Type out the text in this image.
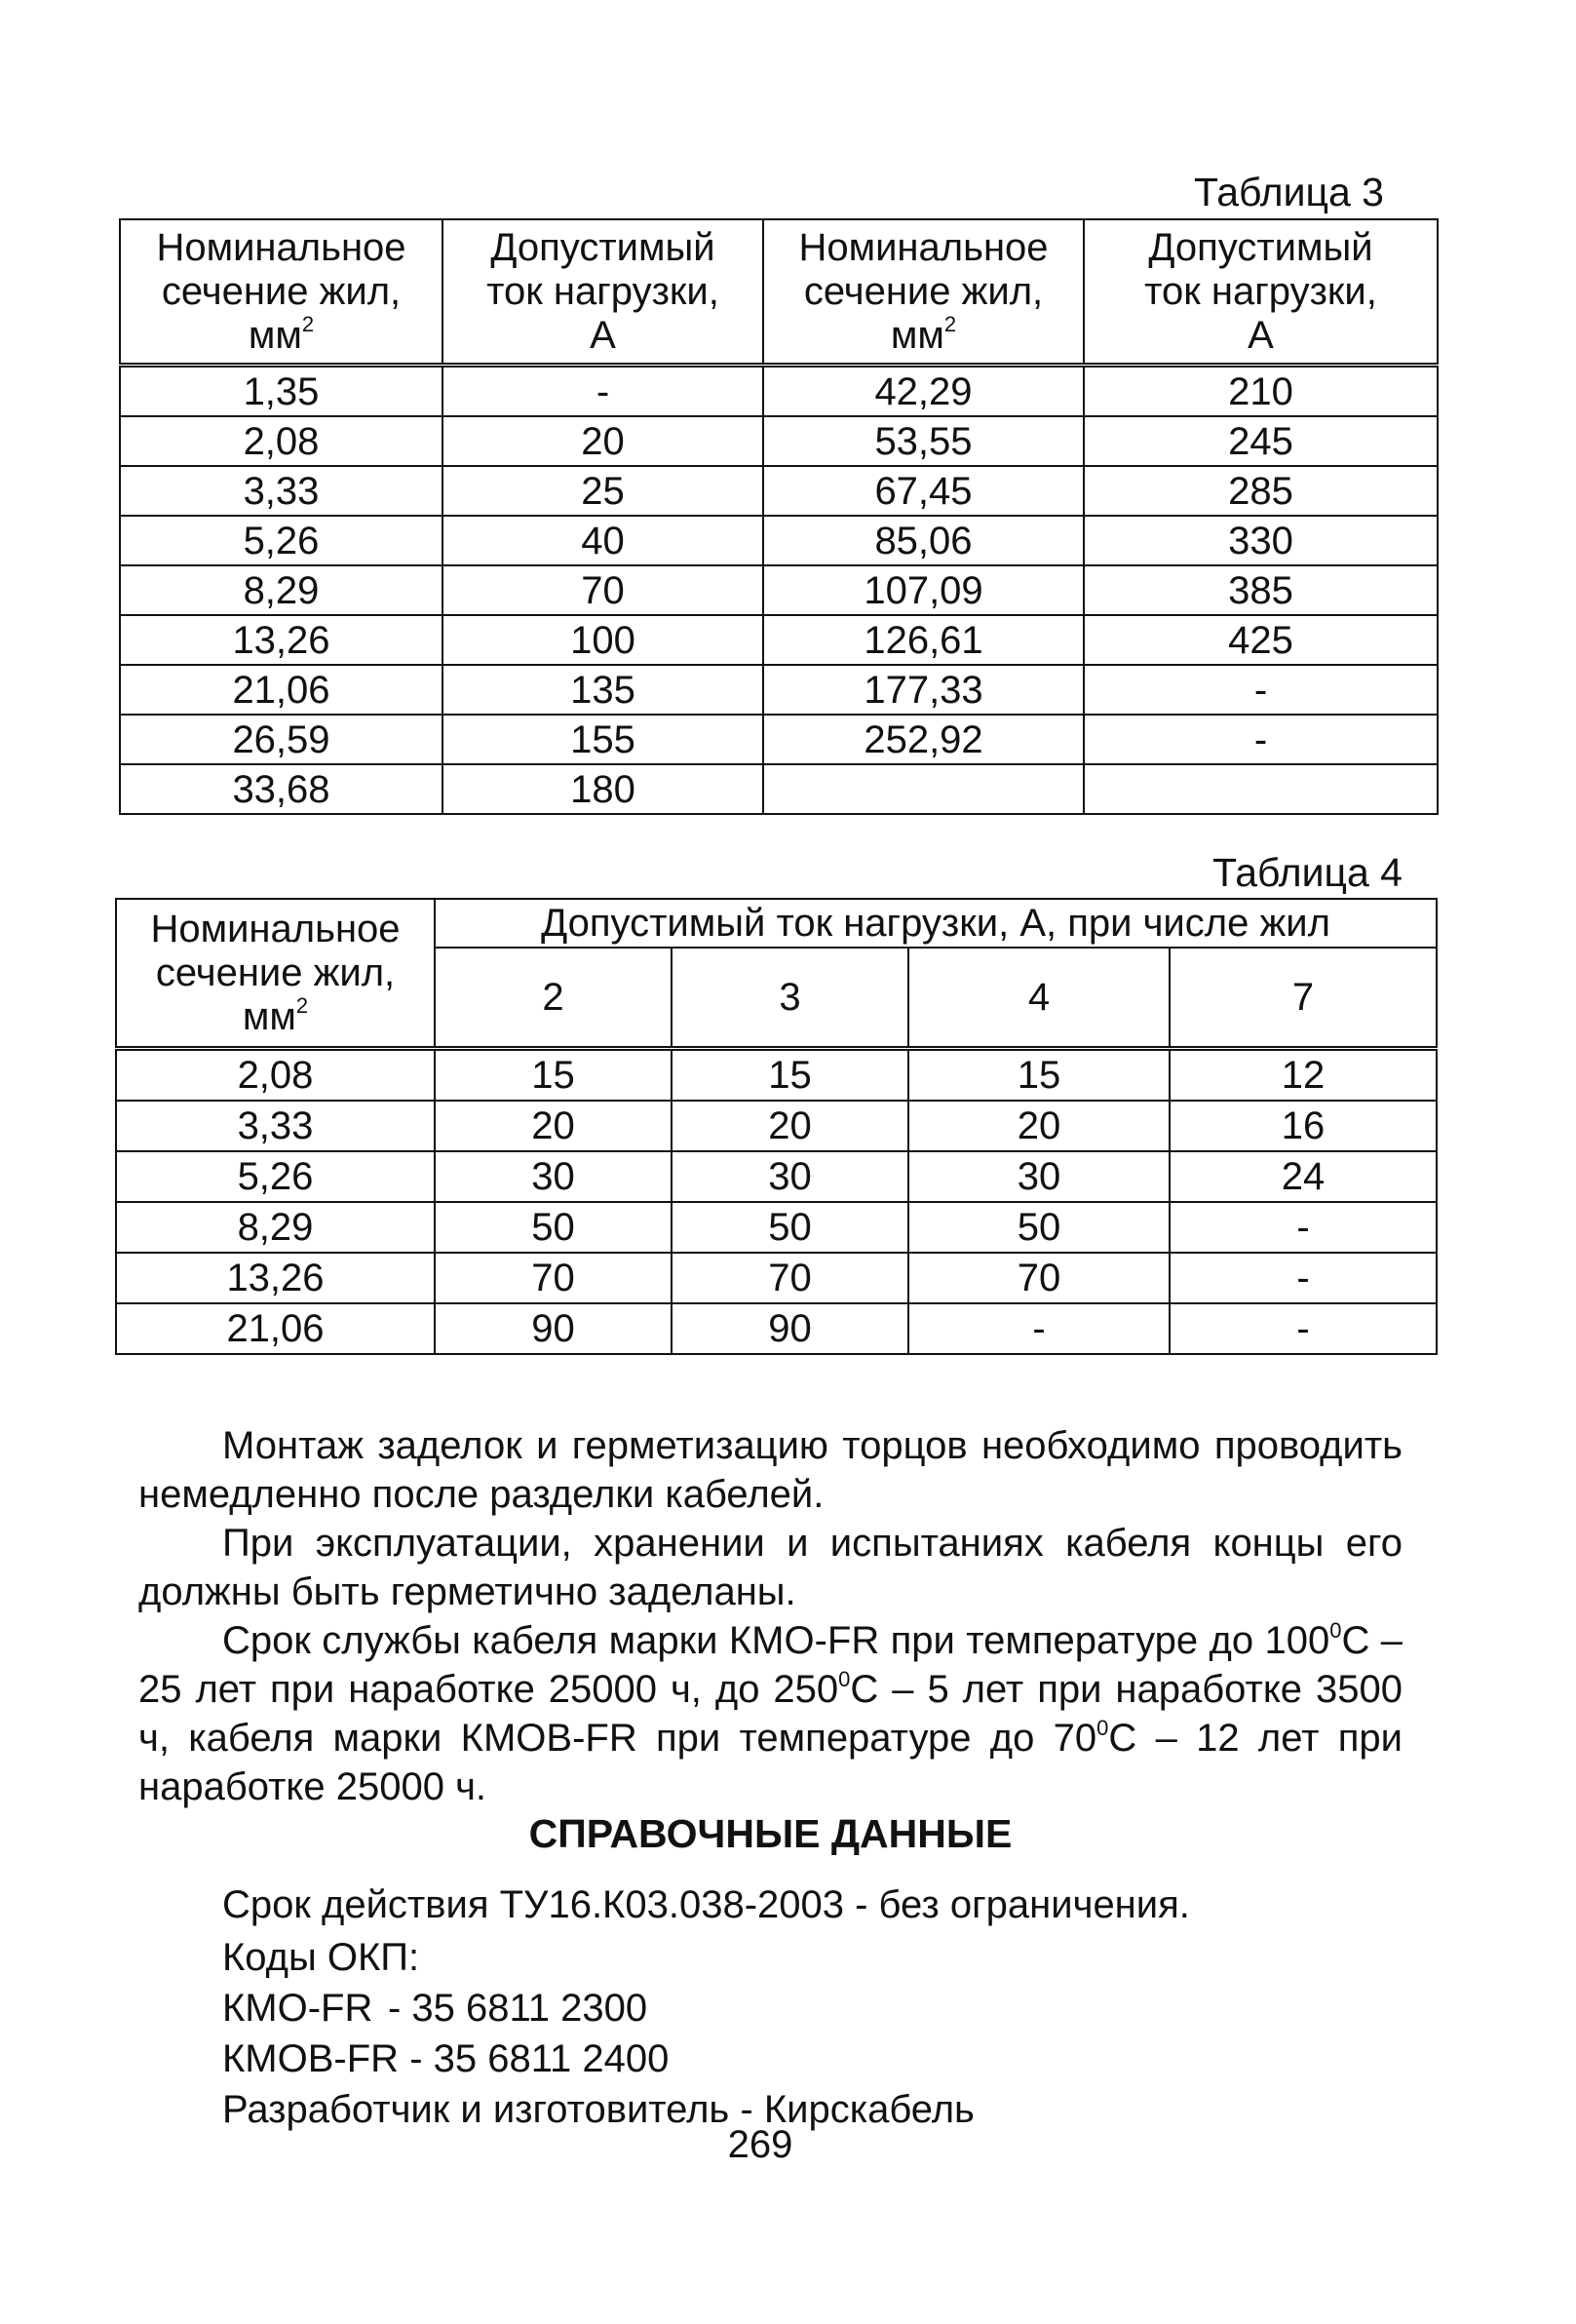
Таблица 3
Номинальное
сечение жил,
$мм^2$	Допустимый
ток нагрузки,
А	Номинальное
сечение жил,
$мм^2$	Допустимый
ток нагрузки,
А

1,35	-	42,29	210
2,08	20	53,55	245
3,33	25	67,45	285
5,26	40	85,06	330
8,29	70	107,09	385
13,26	100	126,61	425
21,06	135	177,33	-
26,59	155	252,92	-
33,68	180		
Таблица 4
Номинальное
сечение жил,
$мм^2$	Допустимый ток нагрузки, А, при числе жил			
	2	3	4	7
2,08	15	15	15	12
3,33	20	20	20	16
5,26	30	30	30	24
8,29	50	50	50	-
13,26	70	70	70	-
21,06	90	90	-	-

Монтаж заделок и герметизацию торцов необходимо проводить немедленно после разделки кабелей.

При эксплуатации, хранении и испытаниях кабеля концы его должны быть герметично заделаны.

Срок службы кабеля марки КМО-FR при температуре до $100^0С - 25$ лет при наработке 25000 ч, до $250^0С - 5$ лет при наработке 3500 ч, кабеля марки КМОВ-FR при температуре до $70^0С - 12$ лет при наработке 25000 ч.

СПРАВОЧНЫЕ ДАННЫЕ
Срок действия ТУ16.К03.038-2003 - без ограничения.
Коды ОКП:
КМО-FR - 35 6811 2300
КМОВ-FR - 35 6811 2400
Разработчик и изготовитель - Кирскабель
269
